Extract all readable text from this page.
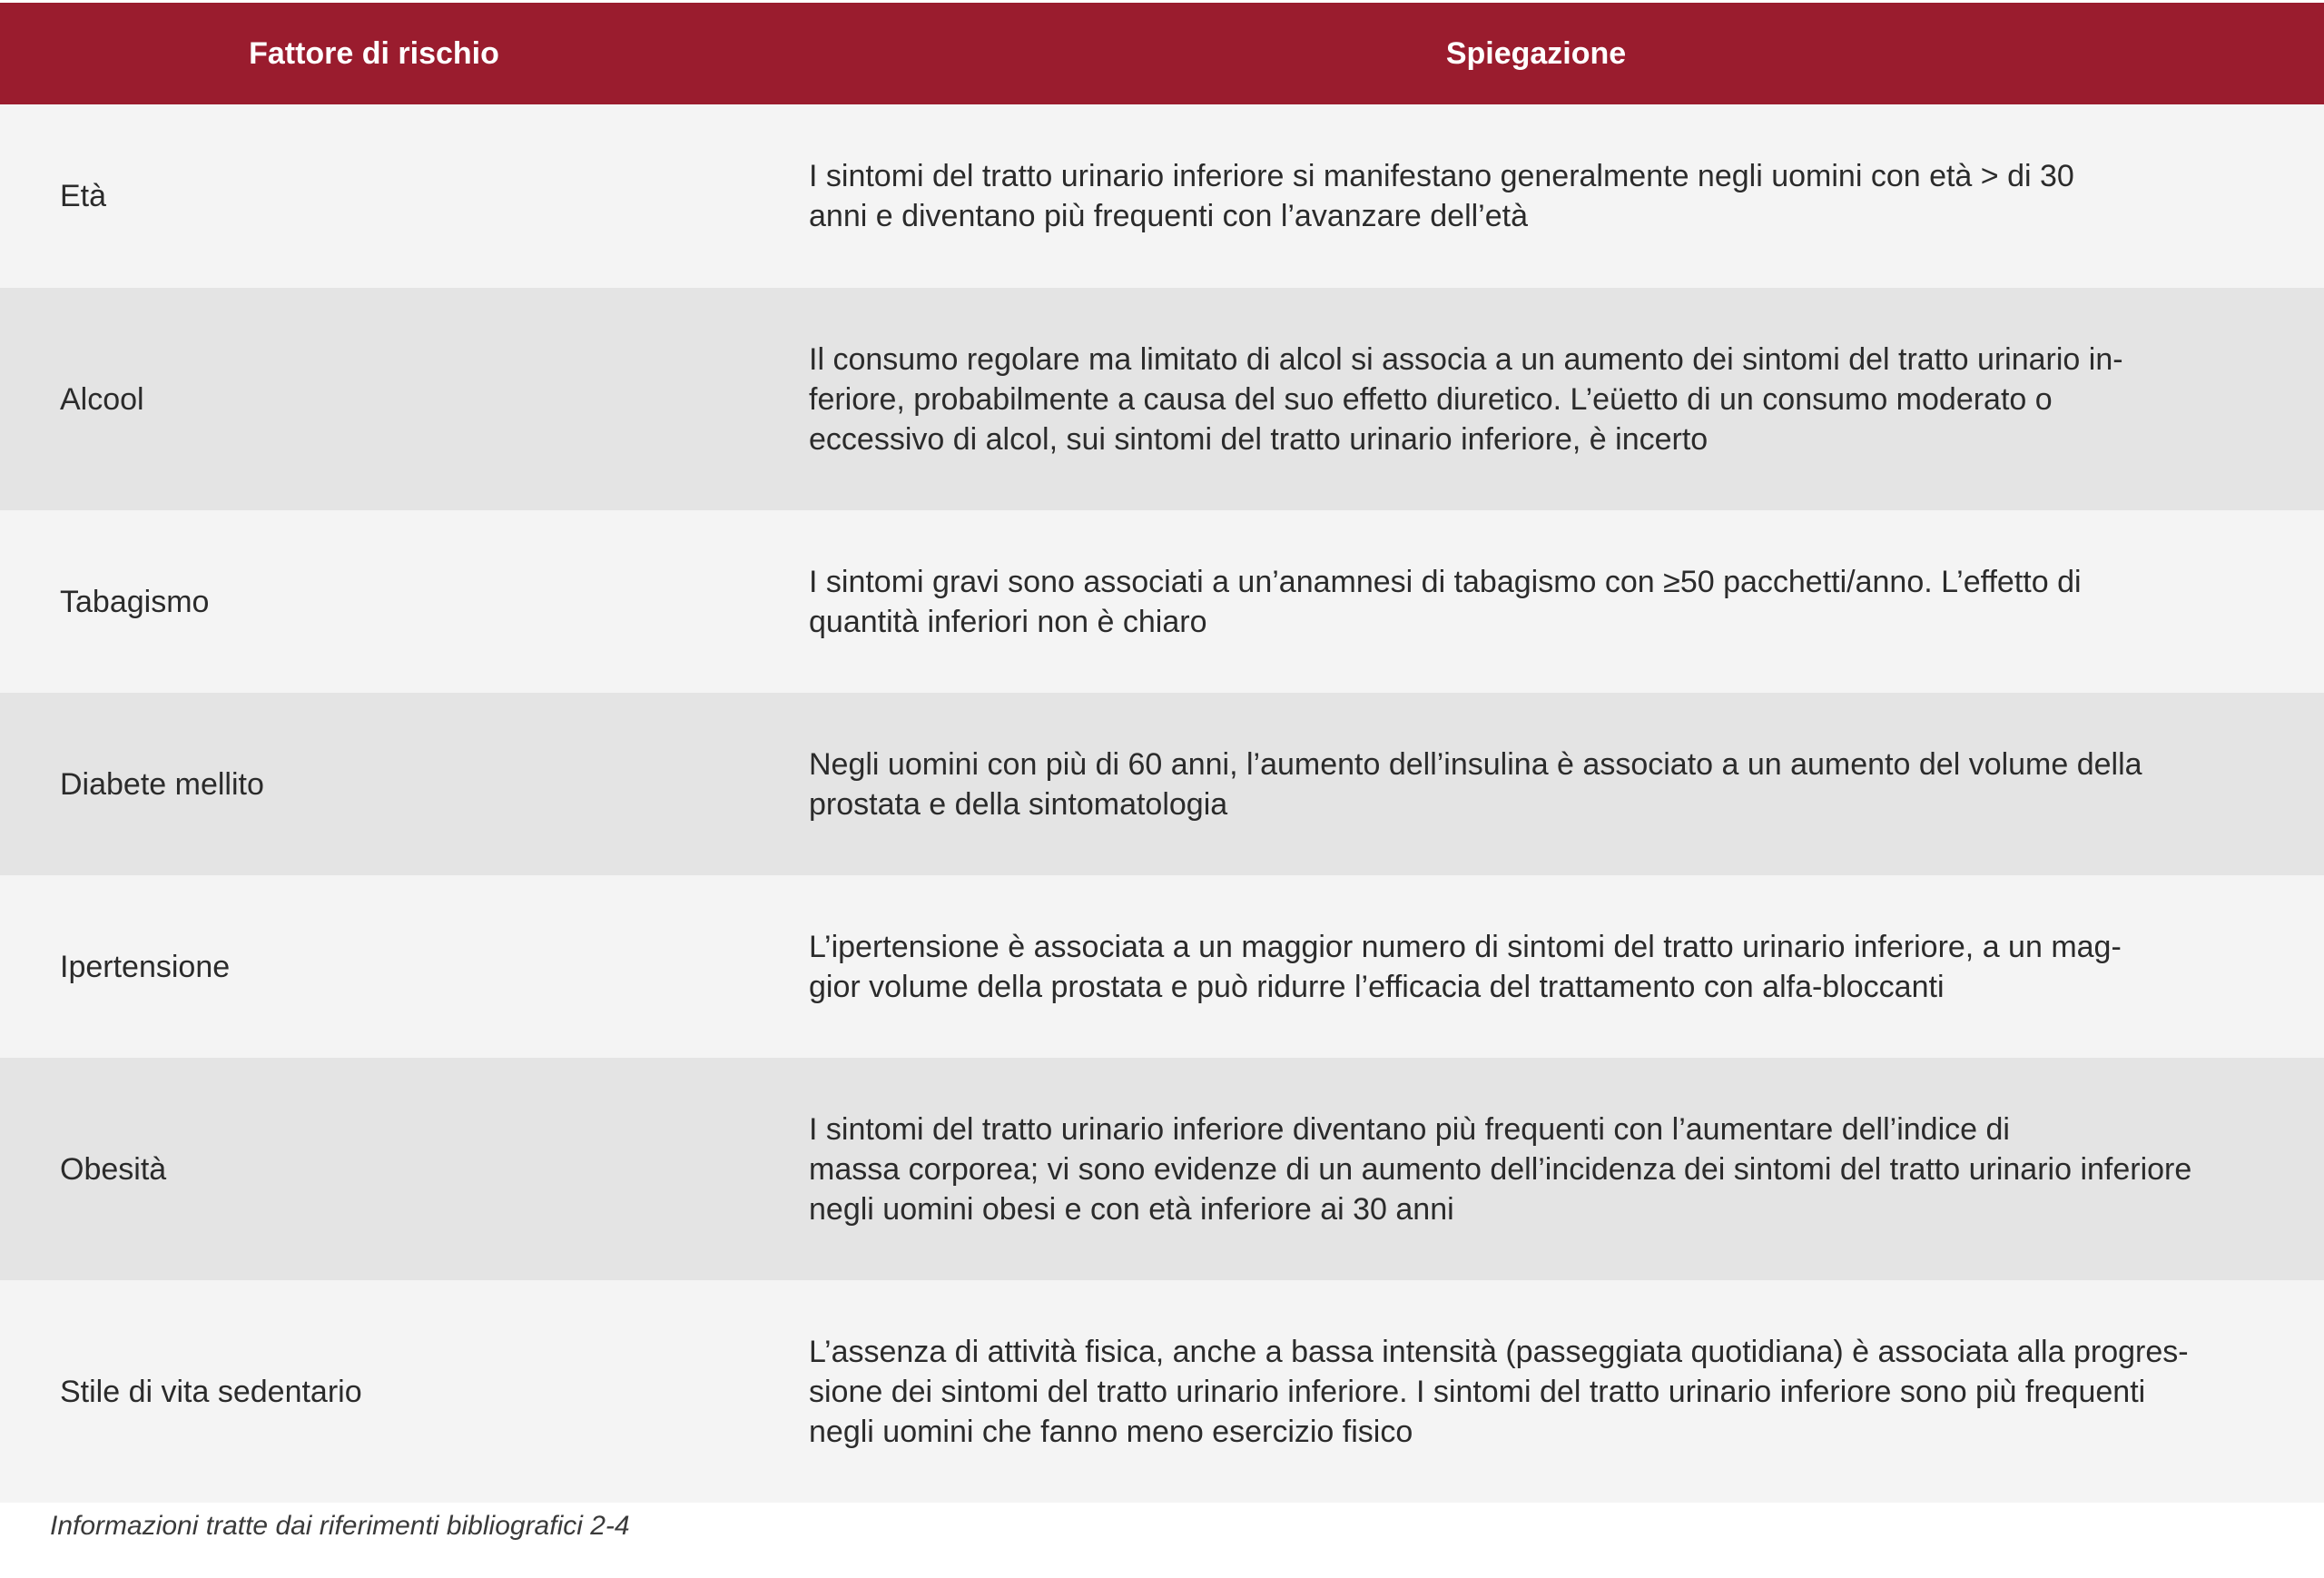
Fattore di rischio	Spiegazione
Età
I sintomi del tratto urinario inferiore si manifestano generalmente negli uomini con età > di 30
anni e diventano più frequenti con l’avanzare dell’età
Alcool
Il consumo regolare ma limitato di alcol si associa a un aumento dei sintomi del tratto urinario in-
feriore, probabilmente a causa del suo effetto diuretico. L’eüetto di un consumo moderato o
eccessivo di alcol, sui sintomi del tratto urinario inferiore, è incerto
Tabagismo
I sintomi gravi sono associati a un’anamnesi di tabagismo con ≥50 pacchetti/anno. L’effetto di
quantità inferiori non è chiaro
Diabete mellito
Negli uomini con più di 60 anni, l’aumento dell’insulina è associato a un aumento del volume della
prostata e della sintomatologia
Ipertensione
L’ipertensione è associata a un maggior numero di sintomi del tratto urinario inferiore, a un mag-
gior volume della prostata e può ridurre l’efficacia del trattamento con alfa-bloccanti
Obesità
I sintomi del tratto urinario inferiore diventano più frequenti con l’aumentare dell’indice di
massa corporea; vi sono evidenze di un aumento dell’incidenza dei sintomi del tratto urinario inferiore
negli uomini obesi e con età inferiore ai 30 anni
Stile di vita sedentario
L’assenza di attività fisica, anche a bassa intensità (passeggiata quotidiana) è associata alla progres-
sione dei sintomi del tratto urinario inferiore. I sintomi del tratto urinario inferiore sono più frequenti
negli uomini che fanno meno esercizio fisico
Informazioni tratte dai riferimenti bibliografici 2-4
